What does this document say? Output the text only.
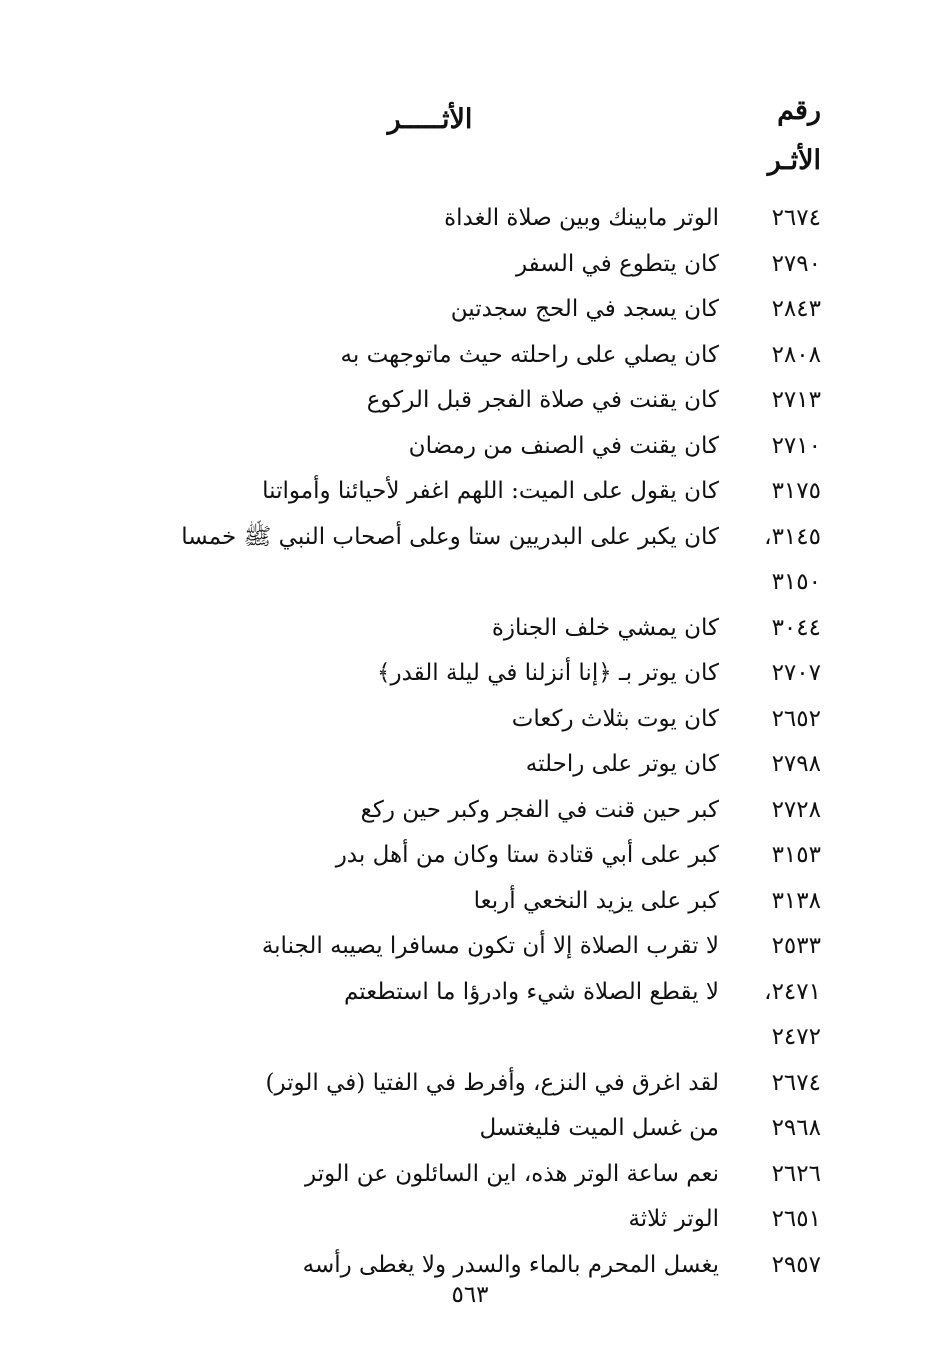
رقم
الأثـر
الأثـــــر
٢٦٧٤
الوتر مابينك وبين صلاة الغداة
٢٧٩٠
كان يتطوع في السفر
٢٨٤٣
كان يسجد في الحج سجدتين
٢٨٠٨
كان يصلي على راحلته حيث ماتوجهت به
٢٧١٣
كان يقنت في صلاة الفجر قبل الركوع
٢٧١٠
كان يقنت في الصنف من رمضان
٣١٧٥
كان يقول على الميت: اللهم اغفر لأحيائنا وأمواتنا
٣١٤٥،
٣١٥٠
كان يكبر على البدريين ستا وعلى أصحاب النبي ﷺ خمسا
٣٠٤٤
كان يمشي خلف الجنازة
٢٧٠٧
كان يوتر بـ ﴿إنا أنزلنا في ليلة القدر﴾
٢٦٥٢
كان يوت بثلاث ركعات
٢٧٩٨
كان يوتر على راحلته
٢٧٢٨
كبر حين قنت في الفجر وكبر حين ركع
٣١٥٣
كبر على أبي قتادة ستا وكان من أهل بدر
٣١٣٨
كبر على يزيد النخعي أربعا
٢٥٣٣
لا تقرب الصلاة إلا أن تكون مسافرا يصيبه الجنابة
٢٤٧١،
٢٤٧٢
لا يقطع الصلاة شيء وادرؤا ما استطعتم
٢٦٧٤
لقد اغرق في النزع، وأفرط في الفتيا (في الوتر)
٢٩٦٨
من غسل الميت فليغتسل
٢٦٢٦
نعم ساعة الوتر هذه، اين السائلون عن الوتر
٢٦٥١
الوتر ثلاثة
٢٩٥٧
يغسل المحرم بالماء والسدر ولا يغطى رأسه
٥٦٣
